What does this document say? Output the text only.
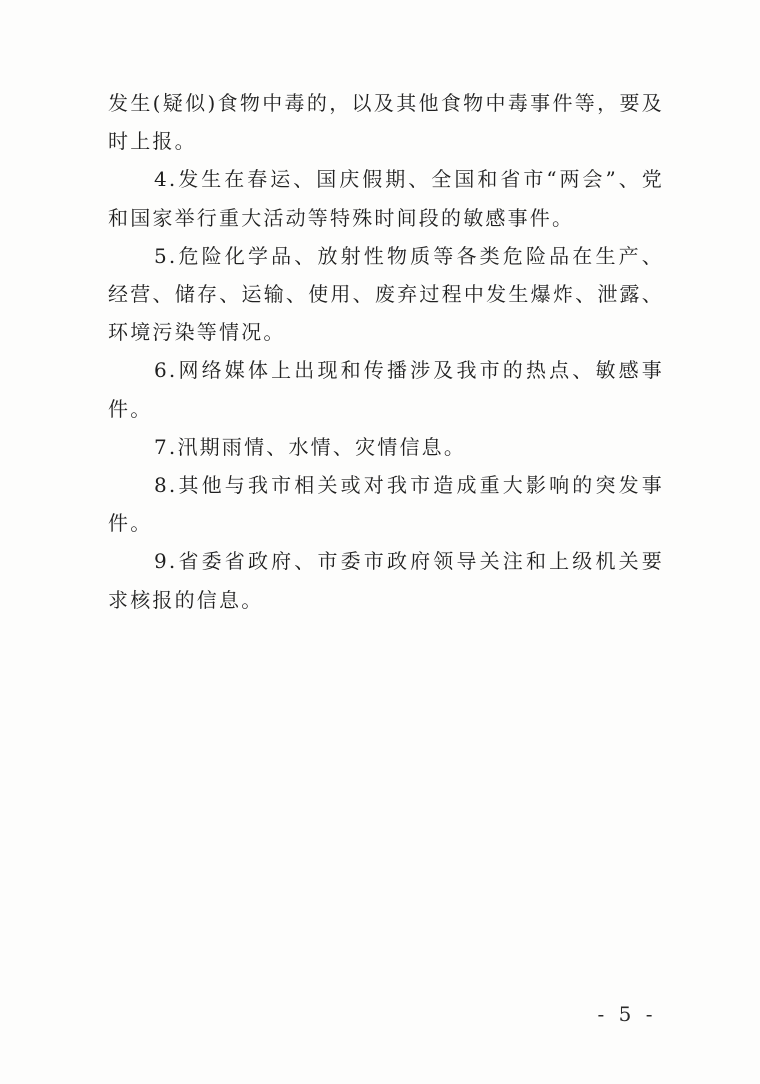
发生(疑似)食物中毒的，以及其他食物中毒事件等，要及时上报。

4.发生在春运、国庆假期、全国和省市“两会”、党和国家举行重大活动等特殊时间段的敏感事件。

5.危险化学品、放射性物质等各类危险品在生产、经营、储存、运输、使用、废弃过程中发生爆炸、泄露、环境污染等情况。

6.网络媒体上出现和传播涉及我市的热点、敏感事件。

7.汛期雨情、水情、灾情信息。

8.其他与我市相关或对我市造成重大影响的突发事件。

9.省委省政府、市委市政府领导关注和上级机关要求核报的信息。

- 5 -
